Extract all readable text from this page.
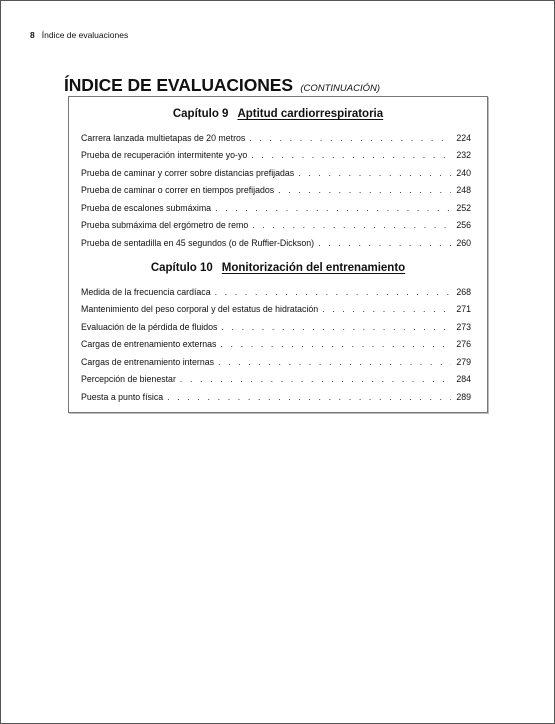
8 Índice de evaluaciones
ÍNDICE DE EVALUACIONES (CONTINUACIÓN)
Capítulo 9 Aptitud cardiorrespiratoria
Carrera lanzada multietapas de 20 metros . . .	224
Prueba de recuperación intermitente yo-yo . . .	232
Prueba de caminar y correr sobre distancias prefijadas . . .	240
Prueba de caminar o correr en tiempos prefijados . . .	248
Prueba de escalones submáxima . . .	252
Prueba submáxima del ergómetro de remo . . .	256
Prueba de sentadilla en 45 segundos (o de Ruffier-Dickson) . . .	260
Capítulo 10 Monitorización del entrenamiento
Medida de la frecuencia cardíaca . . .	268
Mantenimiento del peso corporal y del estatus de hidratación . . .	271
Evaluación de la pérdida de fluidos . . .	273
Cargas de entrenamiento externas . . .	276
Cargas de entrenamiento internas . . .	279
Percepción de bienestar . . .	284
Puesta a punto física . . .	289
